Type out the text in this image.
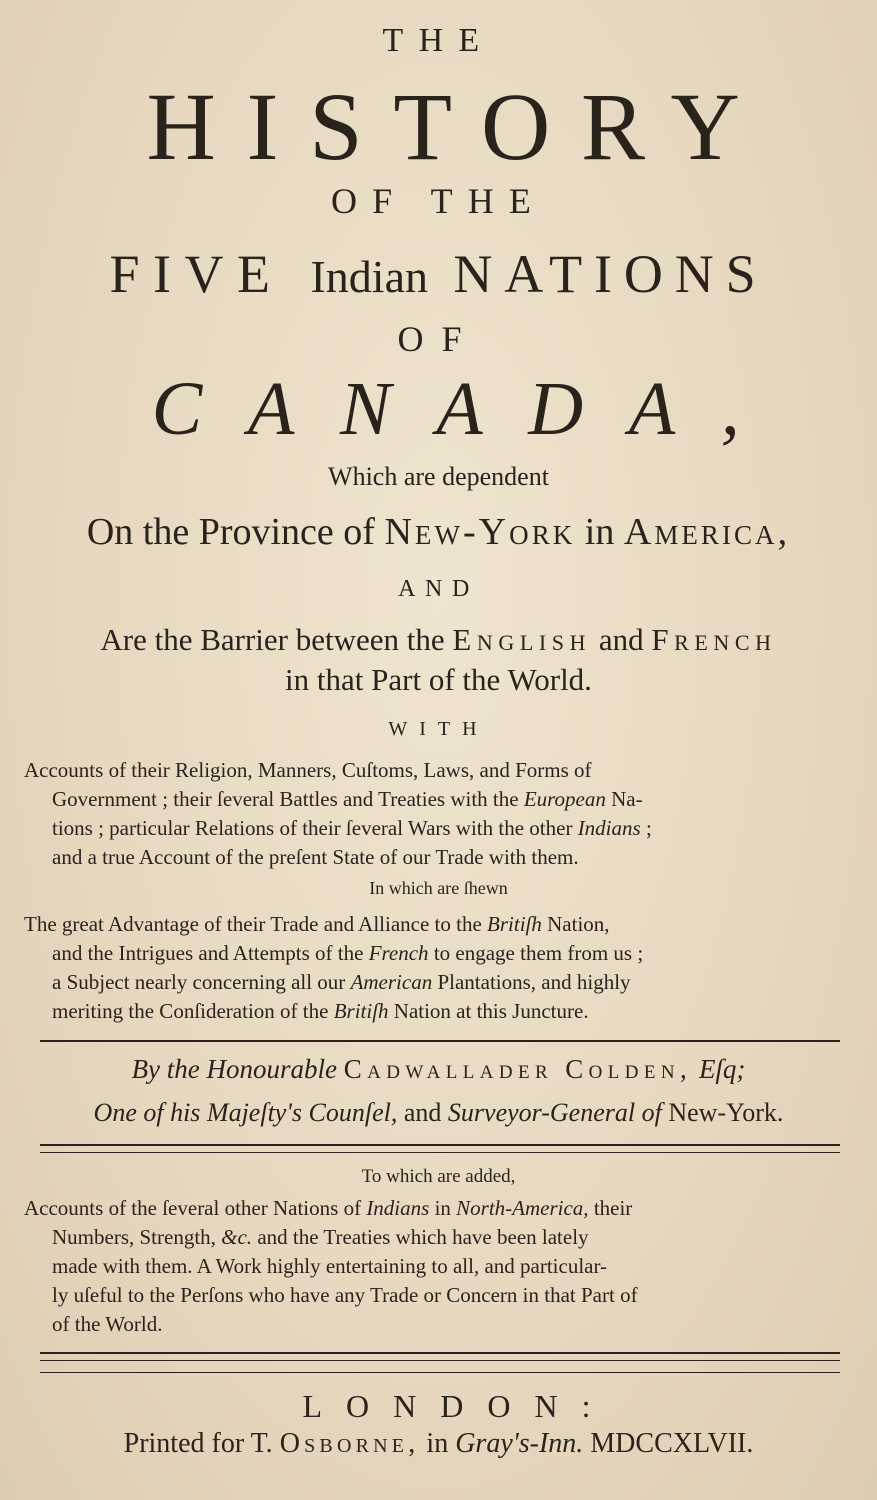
THE
HISTORY
OF THE
FIVE Indian NATIONS
OF
CANADA,
Which are dependent
On the Province of New-York in America,
AND
Are the Barrier between the English and French
in that Part of the World.
WITH
Accounts of their Religion, Manners, Cuſtoms, Laws, and Forms of
Government ; their ſeveral Battles and Treaties with the European Na-
tions ; particular Relations of their ſeveral Wars with the other Indians ;
and a true Account of the preſent State of our Trade with them.
In which are ſhewn
The great Advantage of their Trade and Alliance to the Britiſh Nation,
and the Intrigues and Attempts of the French to engage them from us ;
a Subject nearly concerning all our American Plantations, and highly
meriting the Conſideration of the Britiſh Nation at this Juncture.
By the Honourable Cadwallader Colden, Eſq;
One of his Majeſty's Counſel, and Surveyor-General of New-York.
To which are added,
Accounts of the ſeveral other Nations of Indians in North-America, their
Numbers, Strength, &c. and the Treaties which have been lately
made with them. A Work highly entertaining to all, and particular-
ly uſeful to the Perſons who have any Trade or Concern in that Part of
of the World.
LONDON:
Printed for T. Osborne, in Gray's-Inn. MDCCXLVII.
